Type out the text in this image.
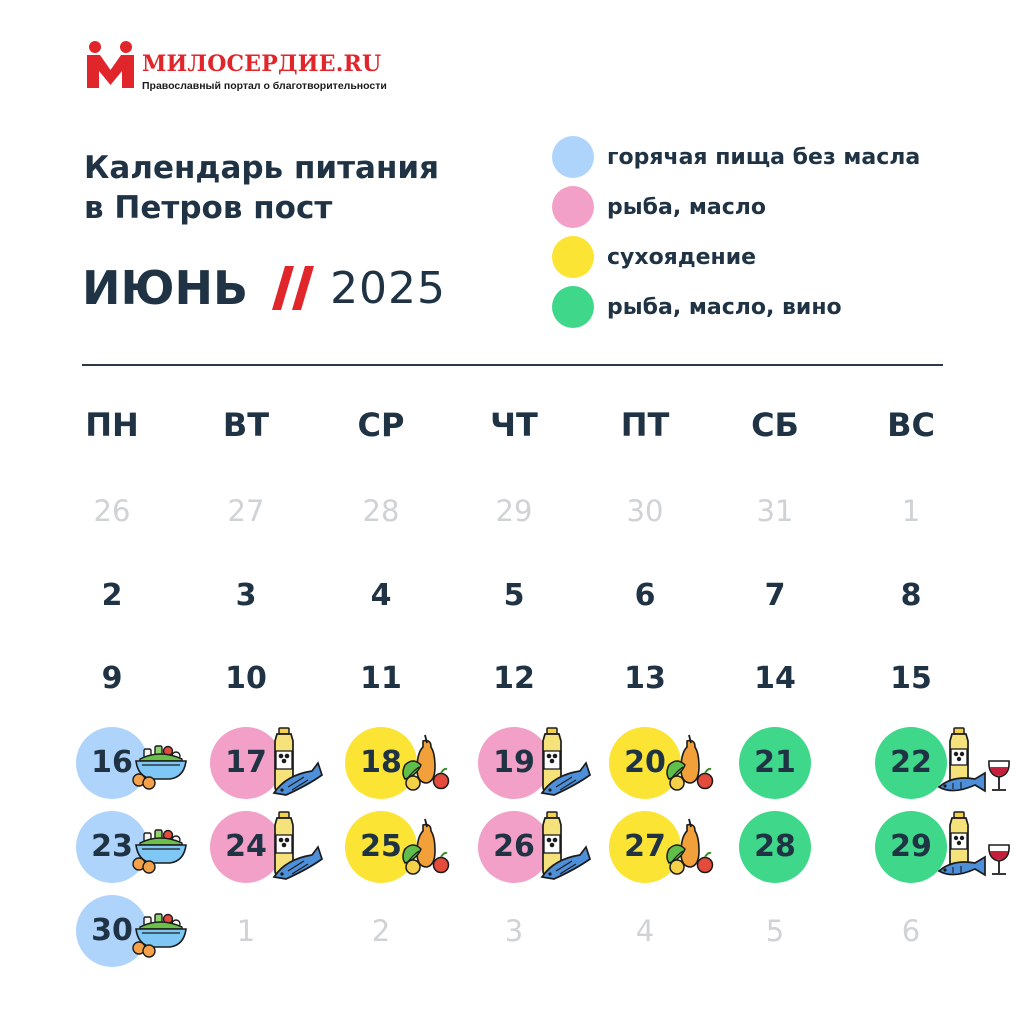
МИЛОСЕРДИЕ.RU
Православный портал о благотворительности
Календарь питания
в Петров пост
ИЮНЬ 2025
горячая пища без масла
рыба, масло
сухоядение
рыба, масло, вино
ПН	ВТ	СР	ЧТ	ПТ	СБ	ВС
26	27	28	29	30	31	1
2	3	4	5	6	7	8
9	10	11	12	13	14	15
16	17	18	19	20	21	22
23	24	25	26	27	28	29
30	1	2	3	4	5	6
